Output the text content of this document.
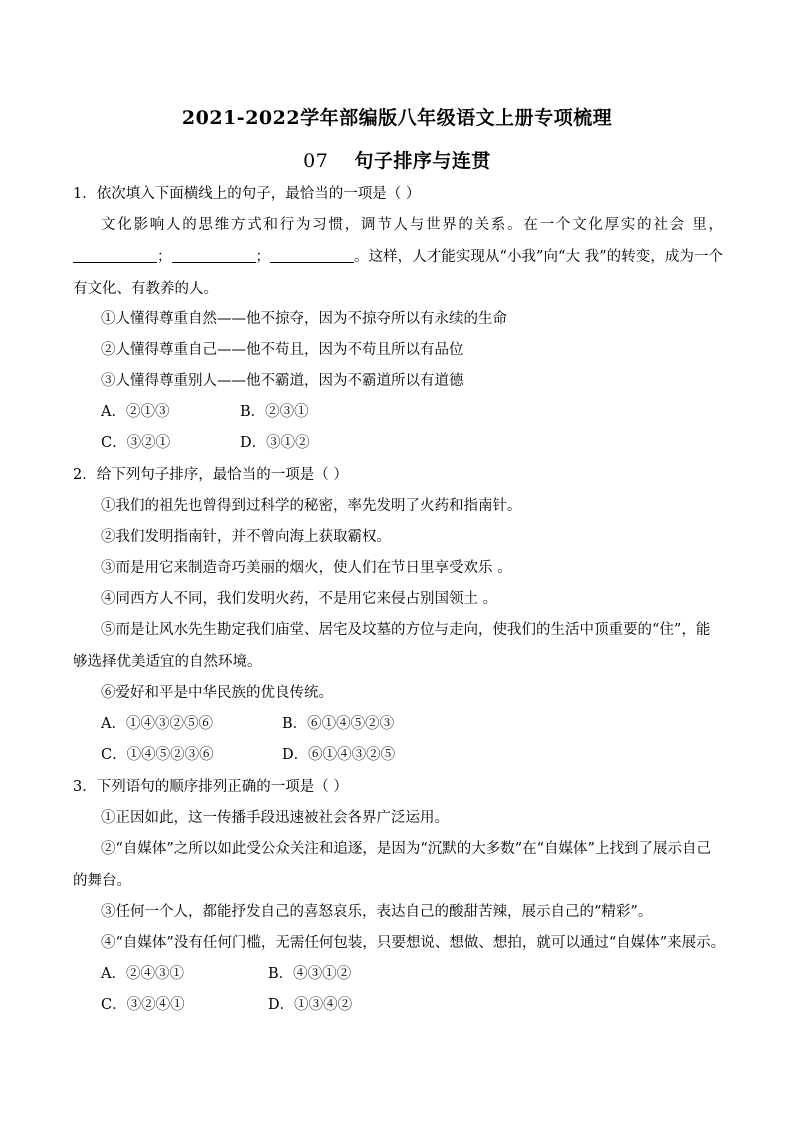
2021-2022学年部编版八年级语文上册专项梳理
07 句子排序与连贯
1．依次填入下面横线上的句子，最恰当的一项是（ ）
文化影响人的思维方式和行为习惯，调节人与世界的关系。在一个文化厚实的社会 里，；	；	。这样，人才能实现从“小我”向“大 我”的转变，成为一个有文化、有教养的人。
①人懂得尊重自然——他不掠夺，因为不掠夺所以有永续的生命
②人懂得尊重自己——他不苟且，因为不苟且所以有品位
③人懂得尊重别人——他不霸道，因为不霸道所以有道德
A．②①③	B．②③①
C．③②①	D．③①②
2．给下列句子排序，最恰当的一项是（ ）
①我们的祖先也曾得到过科学的秘密，率先发明了火药和指南针。
②我们发明指南针，并不曾向海上获取霸权。
③而是用它来制造奇巧美丽的烟火，使人们在节日里享受欢乐 。
④同西方人不同，我们发明火药，不是用它来侵占别国领土 。
⑤而是让风水先生勘定我们庙堂、居宅及坟墓的方位与走向，使我们的生活中顶重要的“住”，能够选择优美适宜的自然环境。
⑥爱好和平是中华民族的优良传统。
A．①④③②⑤⑥	B．⑥①④⑤②③
C．①④⑤②③⑥	D．⑥①④③②⑤
3．下列语句的顺序排列正确的一项是（ ）
①正因如此，这一传播手段迅速被社会各界广泛运用。
②“自媒体”之所以如此受公众关注和追逐，是因为“沉默的大多数”在“自媒体”上找到了展示自己的舞台。
③任何一个人，都能抒发自己的喜怒哀乐，表达自己的酸甜苦辣，展示自己的“精彩”。
④“自媒体”没有任何门槛，无需任何包装，只要想说、想做、想拍，就可以通过“自媒体”来展示。
A．②④③①	B．④③①②
C．③②④①	D．①③④②
